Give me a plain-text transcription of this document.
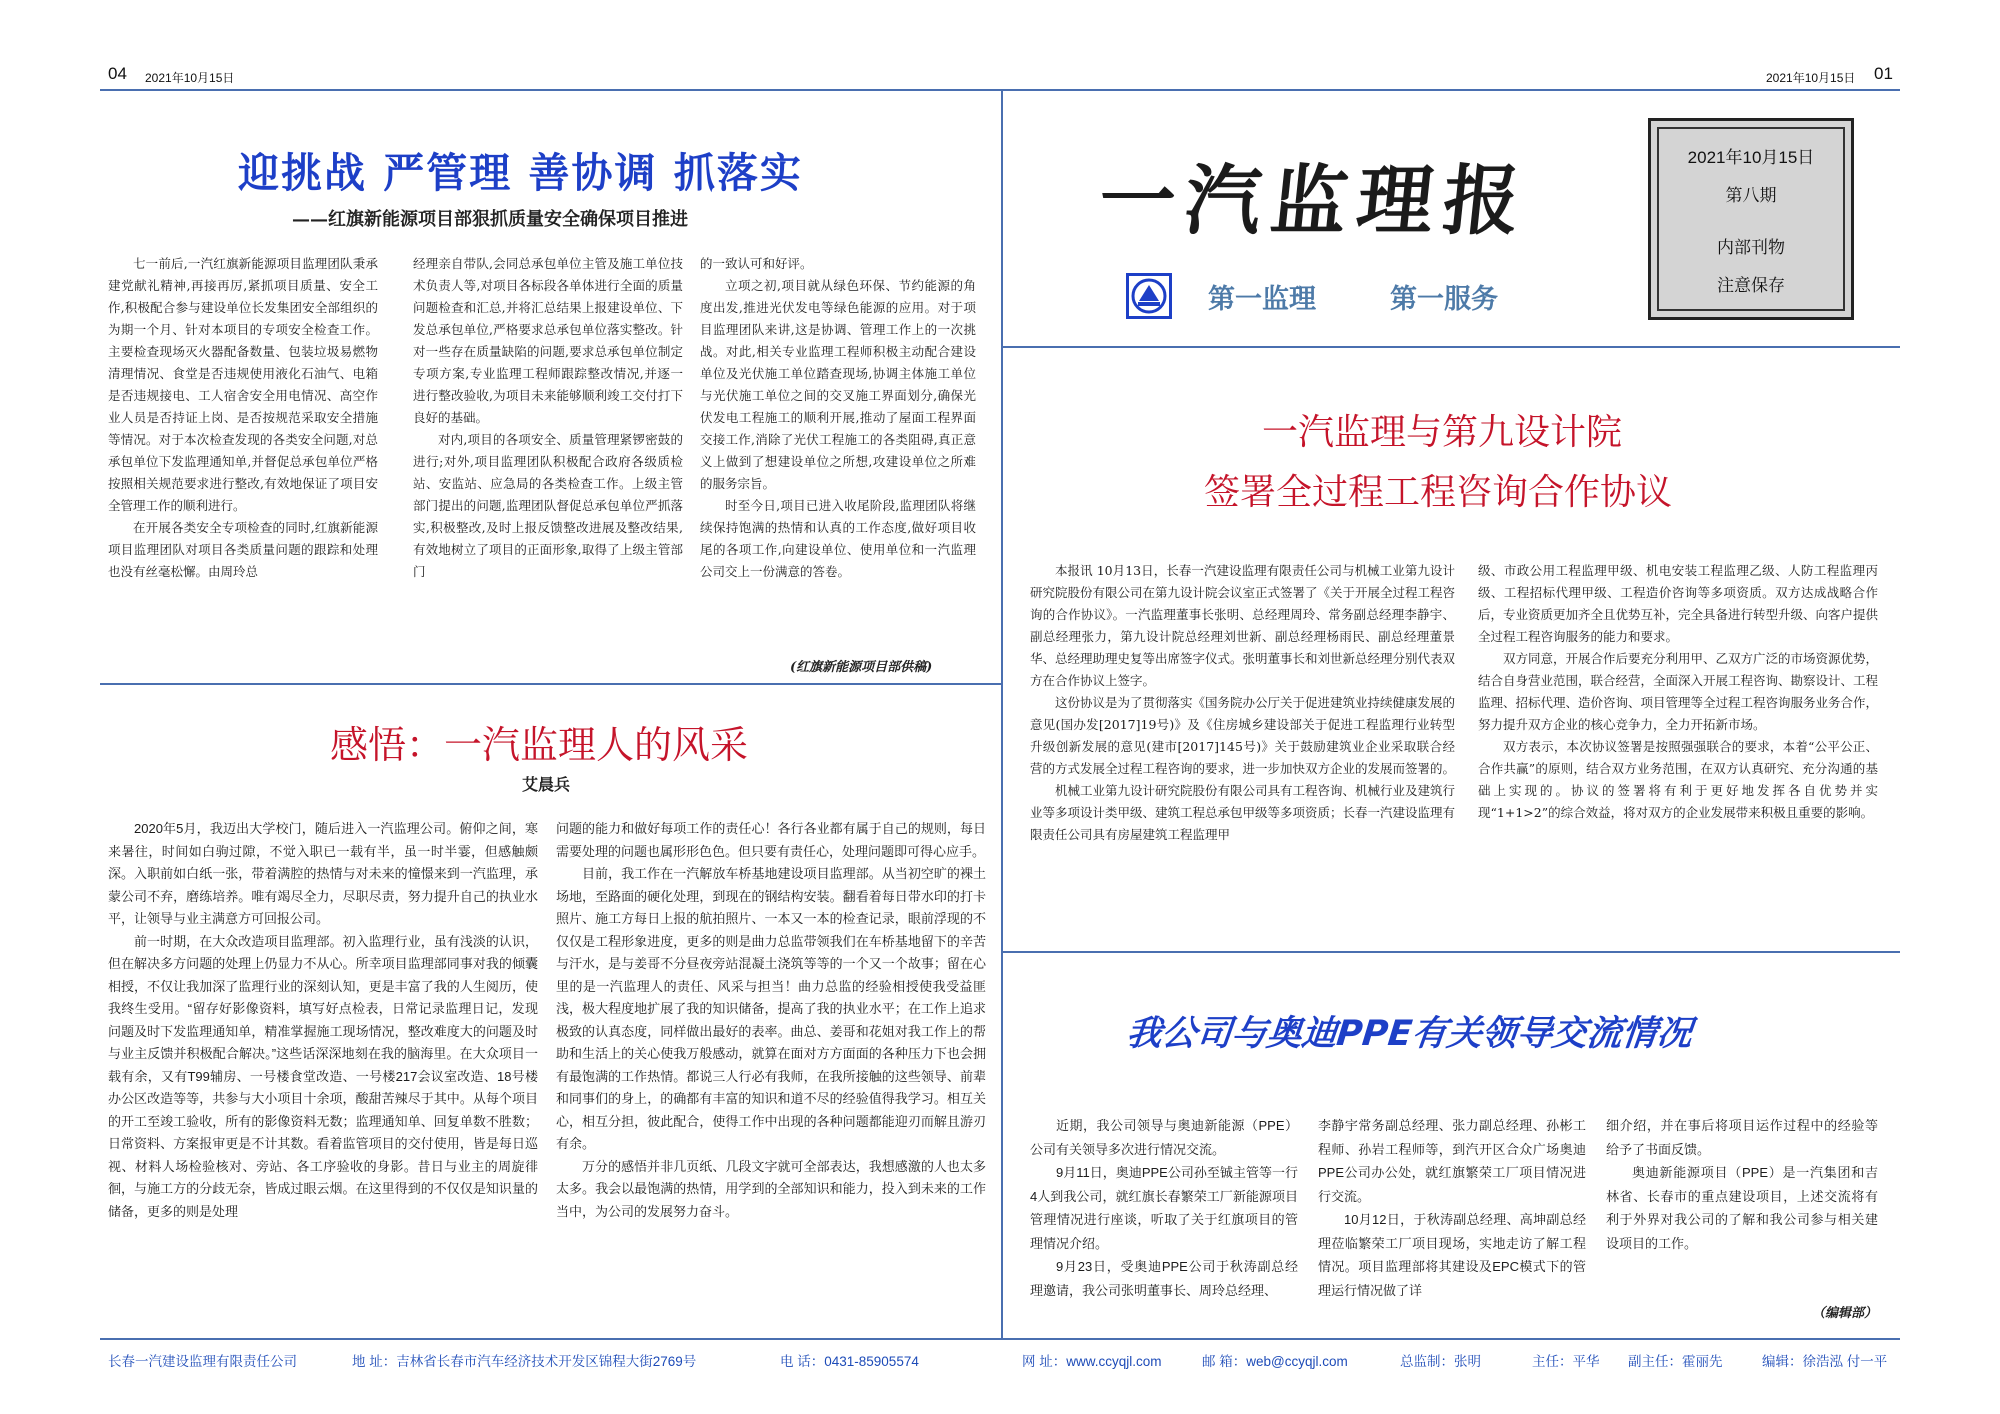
04 2021年10月15日	2021年10月15日 01
迎挑战 严管理 善协调 抓落实
——红旗新能源项目部狠抓质量安全确保项目推进

七一前后,一汽红旗新能源项目监理团队秉承建党献礼精神,再接再厉,紧抓项目质量、安全工作,积极配合参与建设单位长发集团安全部组织的为期一个月、针对本项目的专项安全检查工作。主要检查现场灭火器配备数量、包装垃圾易燃物清理情况、食堂是否违规使用液化石油气、电箱是否违规接电、工人宿舍安全用电情况、高空作业人员是否持证上岗、是否按规范采取安全措施等情况。对于本次检查发现的各类安全问题,对总承包单位下发监理通知单,并督促总承包单位严格按照相关规范要求进行整改,有效地保证了项目安全管理工作的顺利进行。

在开展各类安全专项检查的同时,红旗新能源项目监理团队对项目各类质量问题的跟踪和处理也没有丝毫松懈。由周玲总

经理亲自带队,会同总承包单位主管及施工单位技术负责人等,对项目各标段各单体进行全面的质量问题检查和汇总,并将汇总结果上报建设单位、下发总承包单位,严格要求总承包单位落实整改。针对一些存在质量缺陷的问题,要求总承包单位制定专项方案,专业监理工程师跟踪整改情况,并逐一进行整改验收,为项目未来能够顺利竣工交付打下良好的基础。

对内,项目的各项安全、质量管理紧锣密鼓的进行;对外,项目监理团队积极配合政府各级质检站、安监站、应急局的各类检查工作。上级主管部门提出的问题,监理团队督促总承包单位严抓落实,积极整改,及时上报反馈整改进展及整改结果,有效地树立了项目的正面形象,取得了上级主管部门

的一致认可和好评。

立项之初,项目就从绿色环保、节约能源的角度出发,推进光伏发电等绿色能源的应用。对于项目监理团队来讲,这是协调、管理工作上的一次挑战。对此,相关专业监理工程师积极主动配合建设单位及光伏施工单位踏查现场,协调主体施工单位与光伏施工单位之间的交叉施工界面划分,确保光伏发电工程施工的顺利开展,推动了屋面工程界面交接工作,消除了光伏工程施工的各类阻碍,真正意义上做到了想建设单位之所想,攻建设单位之所难的服务宗旨。

时至今日,项目已进入收尾阶段,监理团队将继续保持饱满的热情和认真的工作态度,做好项目收尾的各项工作,向建设单位、使用单位和一汽监理公司交上一份满意的答卷。

(红旗新能源项目部供稿)
感悟：一汽监理人的风采
艾晨兵

2020年5月，我迈出大学校门，随后进入一汽监理公司。俯仰之间，寒来暑往，时间如白驹过隙，不觉入职已一载有半，虽一时半霎，但感触颇深。入职前如白纸一张，带着满腔的热情与对未来的憧憬来到一汽监理，承蒙公司不弃，磨练培养。唯有竭尽全力，尽职尽责，努力提升自己的执业水平，让领导与业主满意方可回报公司。

前一时期，在大众改造项目监理部。初入监理行业，虽有浅淡的认识，但在解决多方问题的处理上仍显力不从心。所幸项目监理部同事对我的倾囊相授，不仅让我加深了监理行业的深刻认知，更是丰富了我的人生阅历，使我终生受用。“留存好影像资料，填写好点检表，日常记录监理日记，发现问题及时下发监理通知单，精准掌握施工现场情况，整改难度大的问题及时与业主反馈并积极配合解决。”这些话深深地刻在我的脑海里。在大众项目一载有余，又有T99辅房、一号楼食堂改造、一号楼217会议室改造、18号楼办公区改造等等，共参与大小项目十余项，酸甜苦辣尽于其中。从每个项目的开工至竣工验收，所有的影像资料无数；监理通知单、回复单数不胜数；日常资料、方案报审更是不计其数。看着监管项目的交付使用，皆是每日巡视、材料人场检验核对、旁站、各工序验收的身影。昔日与业主的周旋徘徊，与施工方的分歧无奈，皆成过眼云烟。在这里得到的不仅仅是知识量的储备，更多的则是处理

问题的能力和做好每项工作的责任心！各行各业都有属于自己的规则，每日需要处理的问题也属形形色色。但只要有责任心，处理问题即可得心应手。

目前，我工作在一汽解放车桥基地建设项目监理部。从当初空旷的裸土场地，至路面的硬化处理，到现在的钢结构安装。翻看着每日带水印的打卡照片、施工方每日上报的航拍照片、一本又一本的检查记录，眼前浮现的不仅仅是工程形象进度，更多的则是曲力总监带领我们在车桥基地留下的辛苦与汗水，是与姜哥不分昼夜旁站混凝土浇筑等等的一个又一个故事；留在心里的是一汽监理人的责任、风采与担当！曲力总监的经验相授使我受益匪浅，极大程度地扩展了我的知识储备，提高了我的执业水平；在工作上追求极致的认真态度，同样做出最好的表率。曲总、姜哥和花姐对我工作上的帮助和生活上的关心使我万般感动，就算在面对方方面面的各种压力下也会拥有最饱满的工作热情。都说三人行必有我师，在我所接触的这些领导、前辈和同事们的身上，的确都有丰富的知识和道不尽的经验值得我学习。相互关心，相互分担，彼此配合，使得工作中出现的各种问题都能迎刃而解且游刃有余。

万分的感悟并非几页纸、几段文字就可全部表达，我想感激的人也太多太多。我会以最饱满的热情，用学到的全部知识和能力，投入到未来的工作当中，为公司的发展努力奋斗。

一汽监理报
第一监理	第一服务
2021年10月15日
第八期
内部刊物
注意保存
一汽监理与第九设计院
签署全过程工程咨询合作协议

本报讯 10月13日，长春一汽建设监理有限责任公司与机械工业第九设计研究院股份有限公司在第九设计院会议室正式签署了《关于开展全过程工程咨询的合作协议》。一汽监理董事长张明、总经理周玲、常务副总经理李静宇、副总经理张力，第九设计院总经理刘世新、副总经理杨雨民、副总经理董景华、总经理助理史复等出席签字仪式。张明董事长和刘世新总经理分别代表双方在合作协议上签字。

这份协议是为了贯彻落实《国务院办公厅关于促进建筑业持续健康发展的意见(国办发[2017]19号)》及《住房城乡建设部关于促进工程监理行业转型升级创新发展的意见(建市[2017]145号)》关于鼓励建筑业企业采取联合经营的方式发展全过程工程咨询的要求，进一步加快双方企业的发展而签署的。

机械工业第九设计研究院股份有限公司具有工程咨询、机械行业及建筑行业等多项设计类甲级、建筑工程总承包甲级等多项资质；长春一汽建设监理有限责任公司具有房屋建筑工程监理甲

级、市政公用工程监理甲级、机电安装工程监理乙级、人防工程监理丙级、工程招标代理甲级、工程造价咨询等多项资质。双方达成战略合作后，专业资质更加齐全且优势互补，完全具备进行转型升级、向客户提供全过程工程咨询服务的能力和要求。

双方同意，开展合作后要充分利用甲、乙双方广泛的市场资源优势，结合自身营业范围，联合经营，全面深入开展工程咨询、勘察设计、工程监理、招标代理、造价咨询、项目管理等全过程工程咨询服务业务合作，努力提升双方企业的核心竞争力，全力开拓新市场。

双方表示，本次协议签署是按照强强联合的要求，本着“公平公正、合作共赢”的原则，结合双方业务范围，在双方认真研究、充分沟通的基础上实现的。协议的签署将有利于更好地发挥各自优势并实现“1+1>2”的综合效益，将对双方的企业发展带来积极且重要的影响。

我公司与奥迪PPE有关领导交流情况

近期，我公司领导与奥迪新能源（PPE）公司有关领导多次进行情况交流。

9月11日，奥迪PPE公司孙至铖主管等一行4人到我公司，就红旗长春繁荣工厂新能源项目管理情况进行座谈，听取了关于红旗项目的管理情况介绍。

9月23日，受奥迪PPE公司于秋涛副总经理邀请，我公司张明董事长、周玲总经理、

李静宇常务副总经理、张力副总经理、孙彬工程师、孙岩工程师等，到汽开区合众广场奥迪PPE公司办公处，就红旗繁荣工厂项目情况进行交流。

10月12日，于秋涛副总经理、高坤副总经理莅临繁荣工厂项目现场，实地走访了解工程情况。项目监理部将其建设及EPC模式下的管理运行情况做了详

细介绍，并在事后将项目运作过程中的经验等给予了书面反馈。

奥迪新能源项目（PPE）是一汽集团和吉林省、长春市的重点建设项目，上述交流将有利于外界对我公司的了解和我公司参与相关建设项目的工作。

（编辑部）
长春一汽建设监理有限责任公司	地 址：吉林省长春市汽车经济技术开发区锦程大街2769号	电 话：0431-85905574	网 址：www.ccyqjl.com	邮 箱：web@ccyqjl.com	总监制：张明	主任：平华 副主任：霍丽先	编辑：徐浩泓 付一平
